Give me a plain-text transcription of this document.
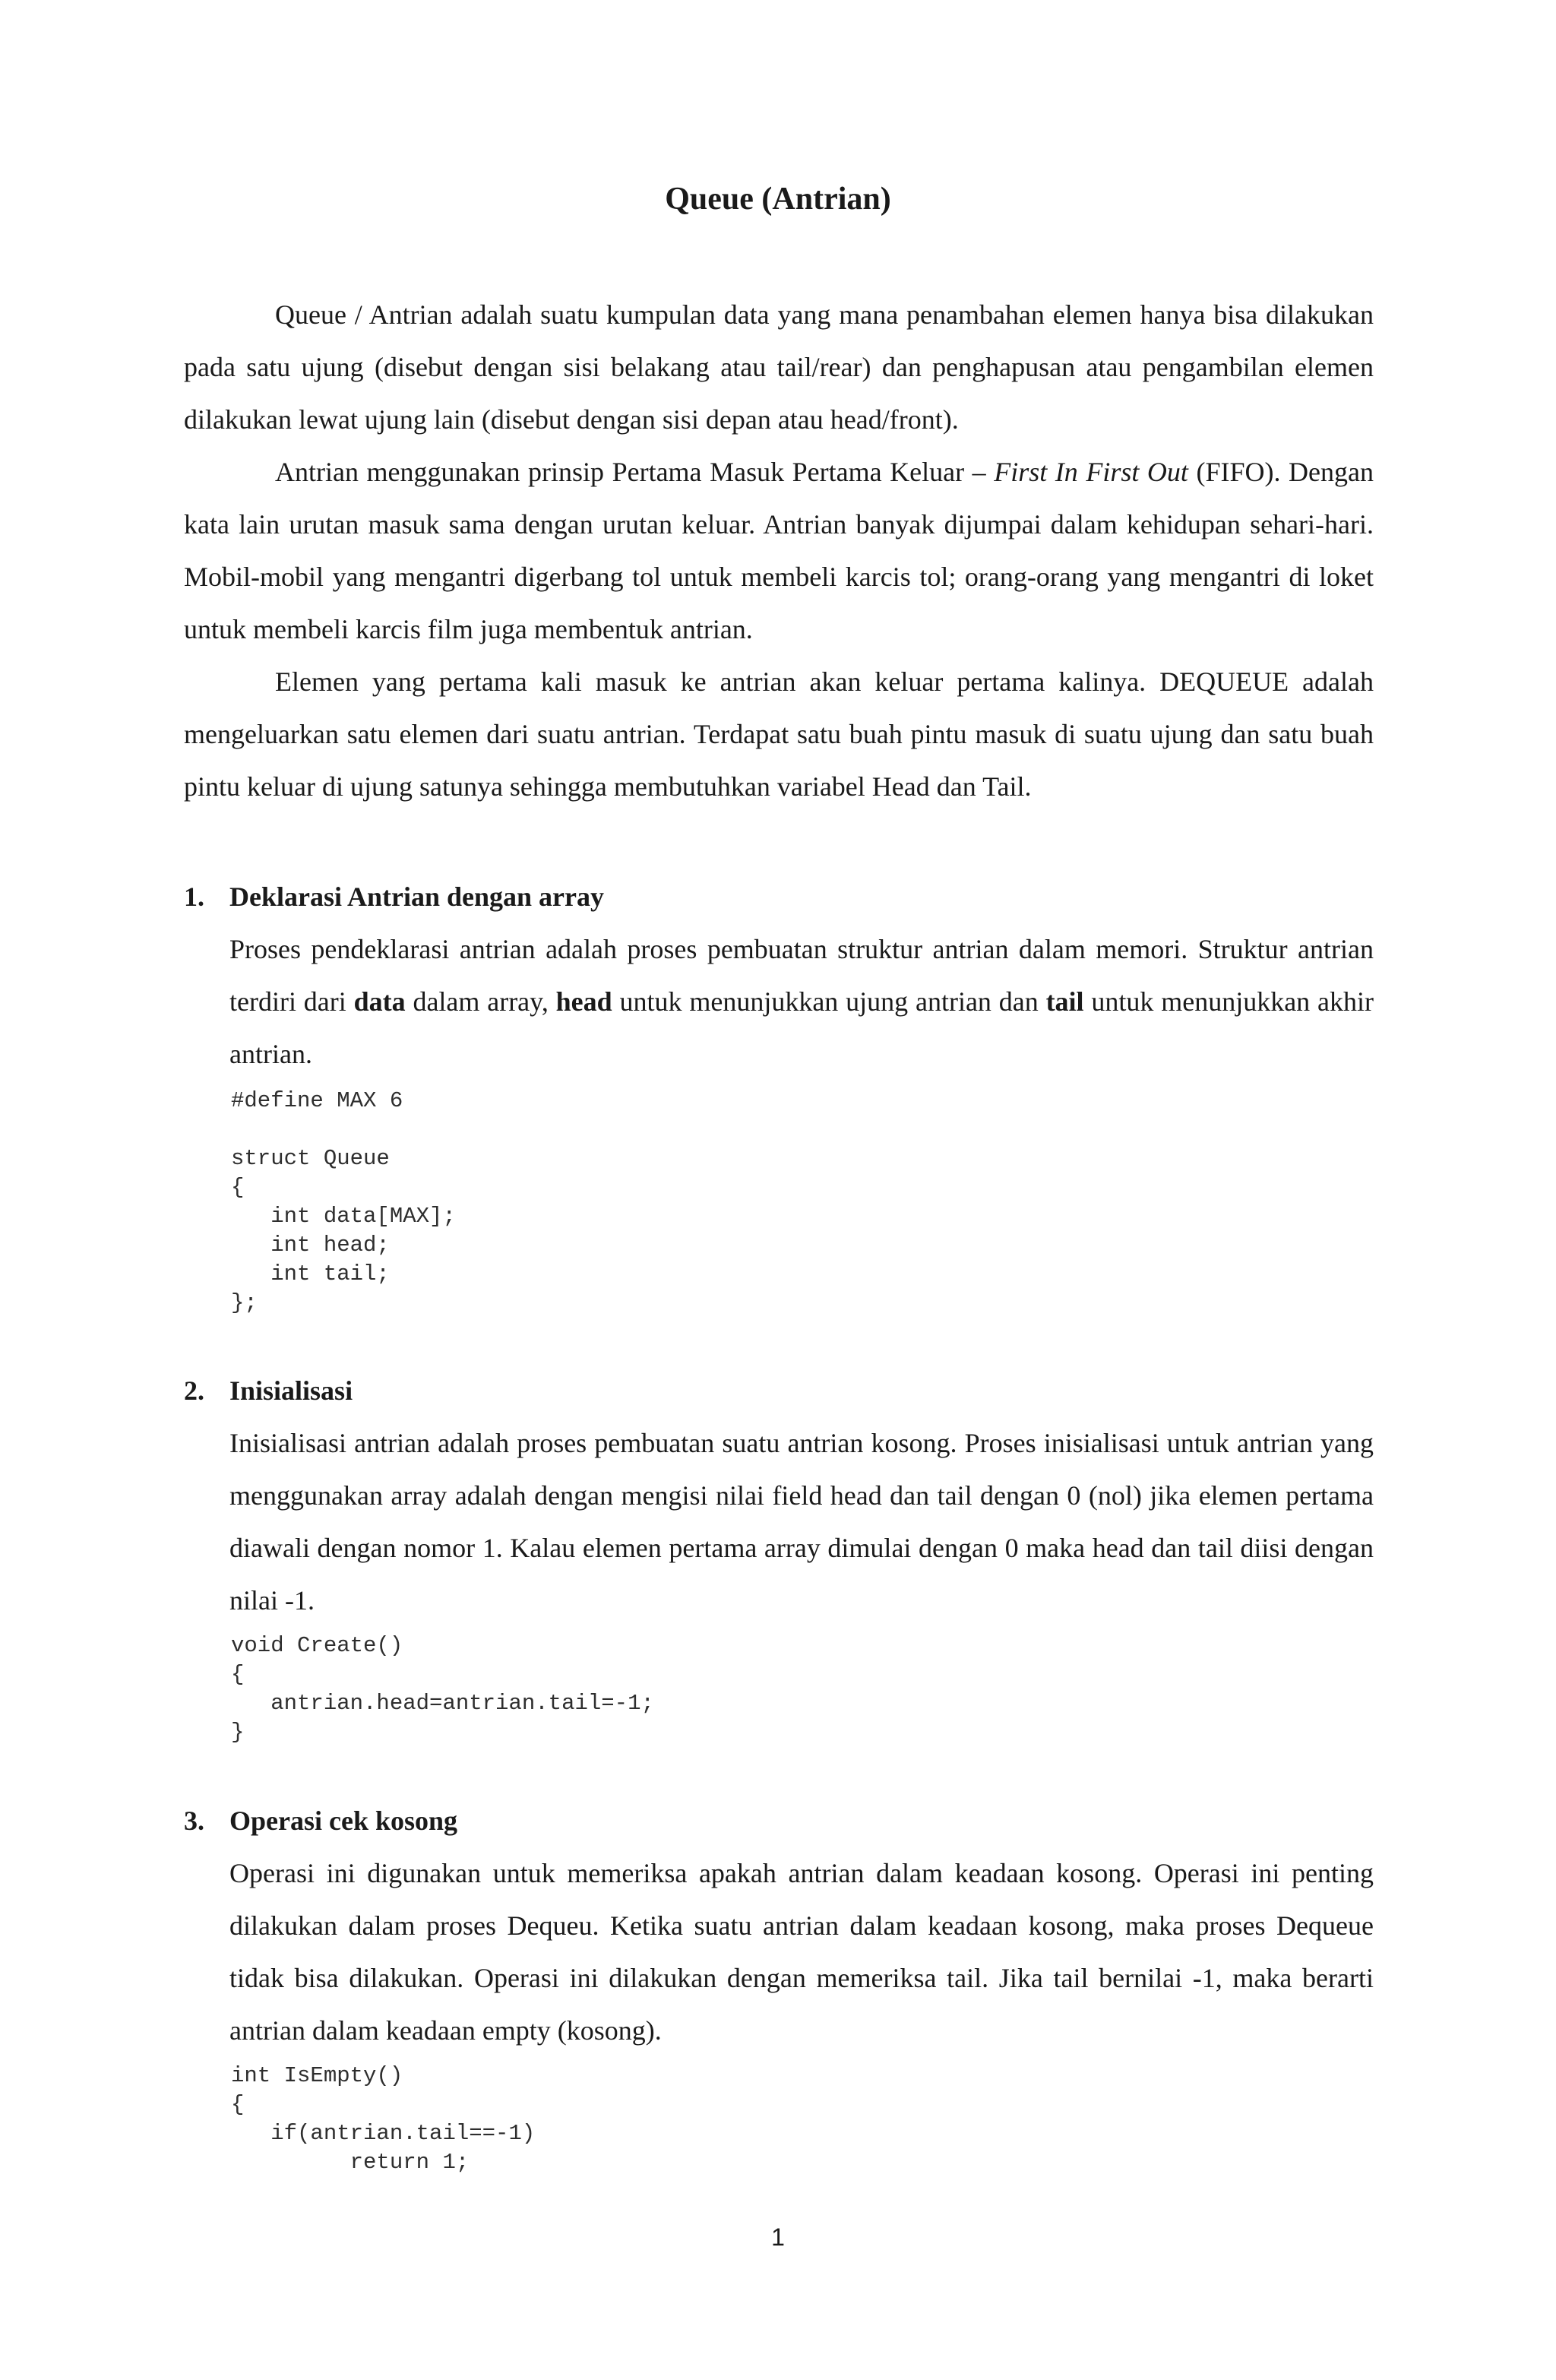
Queue (Antrian)

Queue / Antrian adalah suatu kumpulan data yang mana penambahan elemen hanya bisa dilakukan pada satu ujung (disebut dengan sisi belakang atau tail/rear) dan penghapusan atau pengambilan elemen dilakukan lewat ujung lain (disebut dengan sisi depan atau head/front).

Antrian menggunakan prinsip Pertama Masuk Pertama Keluar – First In First Out (FIFO). Dengan kata lain urutan masuk sama dengan urutan keluar. Antrian banyak dijumpai dalam kehidupan sehari-hari. Mobil-mobil yang mengantri digerbang tol untuk membeli karcis tol; orang-orang yang mengantri di loket untuk membeli karcis film juga membentuk antrian.

Elemen yang pertama kali masuk ke antrian akan keluar pertama kalinya. DEQUEUE adalah mengeluarkan satu elemen dari suatu antrian. Terdapat satu buah pintu masuk di suatu ujung dan satu buah pintu keluar di ujung satunya sehingga membutuhkan variabel Head dan Tail.

1. Deklarasi Antrian dengan array
Proses pendeklarasi antrian adalah proses pembuatan struktur antrian dalam memori. Struktur antrian terdiri dari data dalam array, head untuk menunjukkan ujung antrian dan tail untuk menunjukkan akhir antrian.
#define MAX 6

struct Queue
{
int data[MAX];
int head;
int tail;
};
2. Inisialisasi
Inisialisasi antrian adalah proses pembuatan suatu antrian kosong. Proses inisialisasi untuk antrian yang menggunakan array adalah dengan mengisi nilai field head dan tail dengan 0 (nol) jika elemen pertama diawali dengan nomor 1. Kalau elemen pertama array dimulai dengan 0 maka head dan tail diisi dengan nilai -1.
void Create()
{
antrian.head=antrian.tail=-1;
}
3. Operasi cek kosong
Operasi ini digunakan untuk memeriksa apakah antrian dalam keadaan kosong. Operasi ini penting dilakukan dalam proses Dequeu. Ketika suatu antrian dalam keadaan kosong, maka proses Dequeue tidak bisa dilakukan. Operasi ini dilakukan dengan memeriksa tail. Jika tail bernilai -1, maka berarti antrian dalam keadaan empty (kosong).
int IsEmpty()
{
if(antrian.tail==-1)
return 1;
1
